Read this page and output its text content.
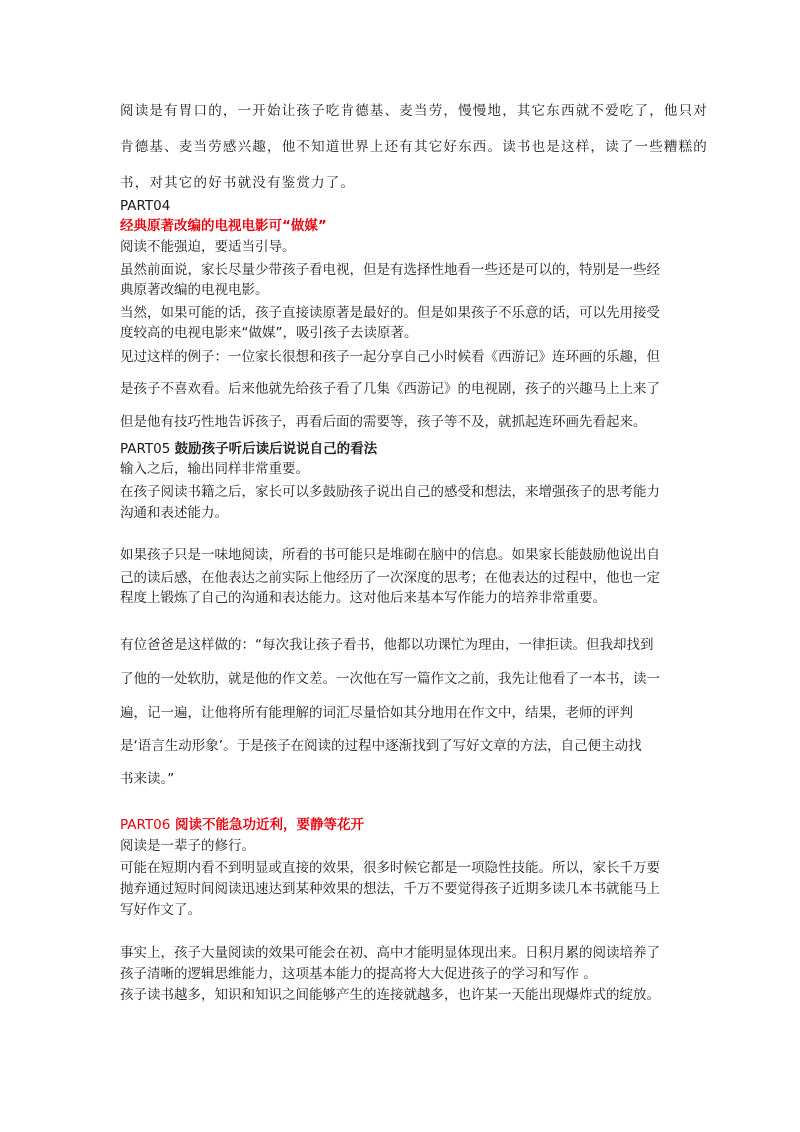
阅读是有胃口的，一开始让孩子吃肯德基、麦当劳，慢慢地，其它东西就不爱吃了，他只对
肯德基、麦当劳感兴趣，他不知道世界上还有其它好东西。读书也是这样，读了一些糟糕的
书，对其它的好书就没有鉴赏力了。
PART04
经典原著改编的电视电影可“做媒”
阅读不能强迫，要适当引导。
虽然前面说，家长尽量少带孩子看电视，但是有选择性地看一些还是可以的，特别是一些经
典原著改编的电视电影。
当然，如果可能的话，孩子直接读原著是最好的。但是如果孩子不乐意的话，可以先用接受
度较高的电视电影来“做媒”，吸引孩子去读原著。
见过这样的例子：一位家长很想和孩子一起分享自己小时候看《西游记》连环画的乐趣，但
是孩子不喜欢看。后来他就先给孩子看了几集《西游记》的电视剧，孩子的兴趣马上上来了
但是他有技巧性地告诉孩子，再看后面的需要等，孩子等不及，就抓起连环画先看起来。
PART05 鼓励孩子听后读后说说自己的看法
输入之后，输出同样非常重要。
在孩子阅读书籍之后，家长可以多鼓励孩子说出自己的感受和想法，来增强孩子的思考能力
沟通和表述能力。
如果孩子只是一味地阅读，所看的书可能只是堆砌在脑中的信息。如果家长能鼓励他说出自
己的读后感，在他表达之前实际上他经历了一次深度的思考；在他表达的过程中，他也一定
程度上锻炼了自己的沟通和表达能力。这对他后来基本写作能力的培养非常重要。
有位爸爸是这样做的：“每次我让孩子看书，他都以功课忙为理由，一律拒读。但我却找到
了他的一处软肋，就是他的作文差。一次他在写一篇作文之前，我先让他看了一本书，读一
遍，记一遍，让他将所有能理解的词汇尽量恰如其分地用在作文中，结果，老师的评判
是‘语言生动形象’。于是孩子在阅读的过程中逐渐找到了写好文章的方法，自己便主动找
书来读。”
PART06 阅读不能急功近利，要静等花开
阅读是一辈子的修行。
可能在短期内看不到明显或直接的效果，很多时候它都是一项隐性技能。所以，家长千万要
抛弃通过短时间阅读迅速达到某种效果的想法，千万不要觉得孩子近期多读几本书就能马上
写好作文了。
事实上，孩子大量阅读的效果可能会在初、高中才能明显体现出来。日积月累的阅读培养了
孩子清晰的逻辑思维能力，这项基本能力的提高将大大促进孩子的学习和写作 。
孩子读书越多，知识和知识之间能够产生的连接就越多，也许某一天能出现爆炸式的绽放。
